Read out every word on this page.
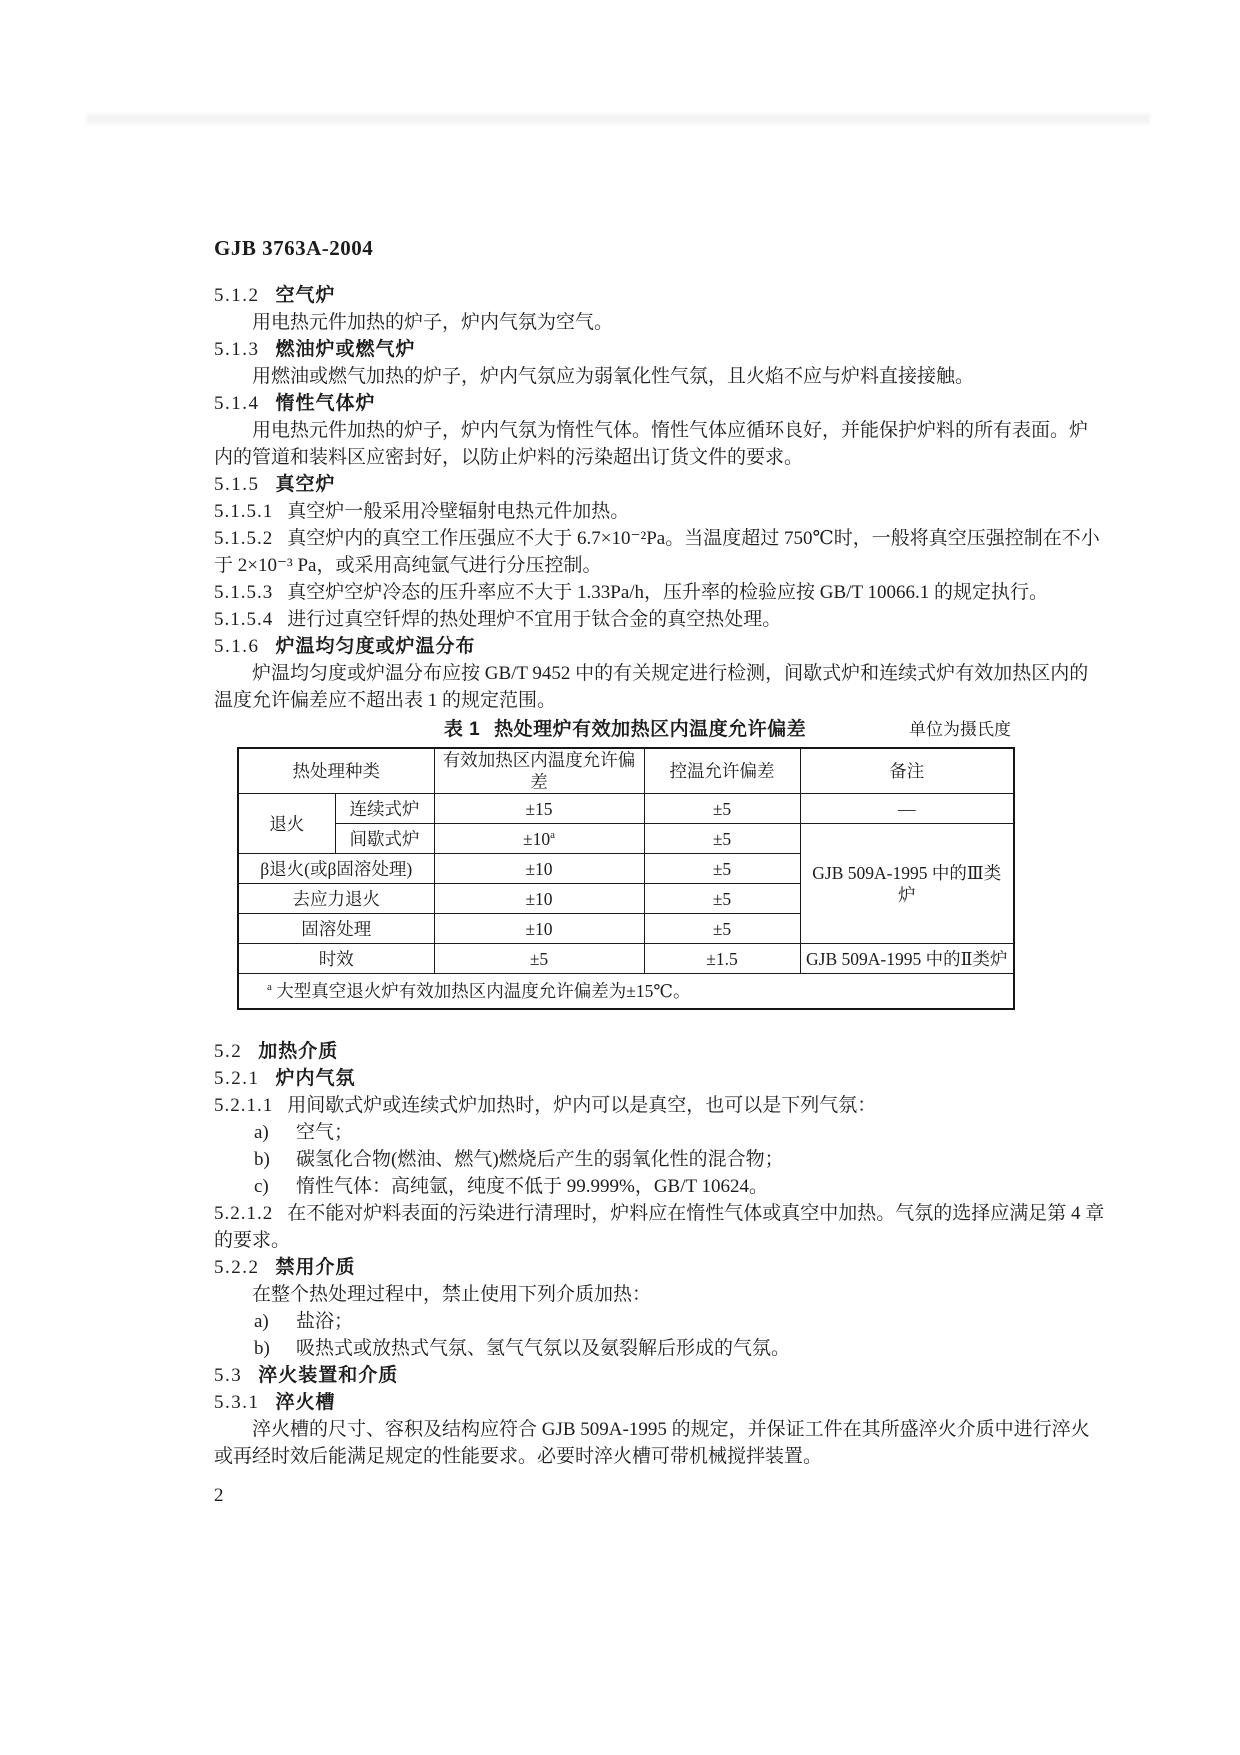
GJB 3763A-2004
5.1.2 空气炉

用电热元件加热的炉子，炉内气氛为空气。

5.1.3 燃油炉或燃气炉

用燃油或燃气加热的炉子，炉内气氛应为弱氧化性气氛，且火焰不应与炉料直接接触。

5.1.4 惰性气体炉

用电热元件加热的炉子，炉内气氛为惰性气体。惰性气体应循环良好，并能保护炉料的所有表面。炉内的管道和装料区应密封好，以防止炉料的污染超出订货文件的要求。

5.1.5 真空炉

5.1.5.1 真空炉一般采用冷壁辐射电热元件加热。

5.1.5.2 真空炉内的真空工作压强应不大于 6.7×10⁻²Pa。当温度超过 750℃时，一般将真空压强控制在不小于 2×10⁻³ Pa，或采用高纯氩气进行分压控制。

5.1.5.3 真空炉空炉冷态的压升率应不大于 1.33Pa/h，压升率的检验应按 GB/T 10066.1 的规定执行。

5.1.5.4 进行过真空钎焊的热处理炉不宜用于钛合金的真空热处理。

5.1.6 炉温均匀度或炉温分布

炉温均匀度或炉温分布应按 GB/T 9452 中的有关规定进行检测，间歇式炉和连续式炉有效加热区内的温度允许偏差应不超出表 1 的规定范围。

表 1 热处理炉有效加热区内温度允许偏差	单位为摄氏度
热处理种类		有效加热区内温度允许偏差	控温允许偏差	备注
退火	连续式炉	±15	±5	—
	间歇式炉	$\pm 10^a$	±5	GJB 509A-1995 中的Ⅲ类炉
β退火(或β固溶处理)		±10	±5	
去应力退火		±10	±5	
固溶处理		±10	±5	
时效		±5	±1.5	GJB 509A-1995 中的Ⅱ类炉
$^a$ 大型真空退火炉有效加热区内温度允许偏差为±15℃。				
5.2 加热介质
5.2.1 炉内气氛

5.2.1.1 用间歇式炉或连续式炉加热时，炉内可以是真空，也可以是下列气氛：

a) 空气；

b) 碳氢化合物(燃油、燃气)燃烧后产生的弱氧化性的混合物；

c) 惰性气体：高纯氩，纯度不低于 99.999%，GB/T 10624。

5.2.1.2 在不能对炉料表面的污染进行清理时，炉料应在惰性气体或真空中加热。气氛的选择应满足第 4 章的要求。

5.2.2 禁用介质

在整个热处理过程中，禁止使用下列介质加热：

a) 盐浴；

b) 吸热式或放热式气氛、氢气气氛以及氨裂解后形成的气氛。

5.3 淬火装置和介质
5.3.1 淬火槽

淬火槽的尺寸、容积及结构应符合 GJB 509A-1995 的规定，并保证工件在其所盛淬火介质中进行淬火或再经时效后能满足规定的性能要求。必要时淬火槽可带机械搅拌装置。

2
